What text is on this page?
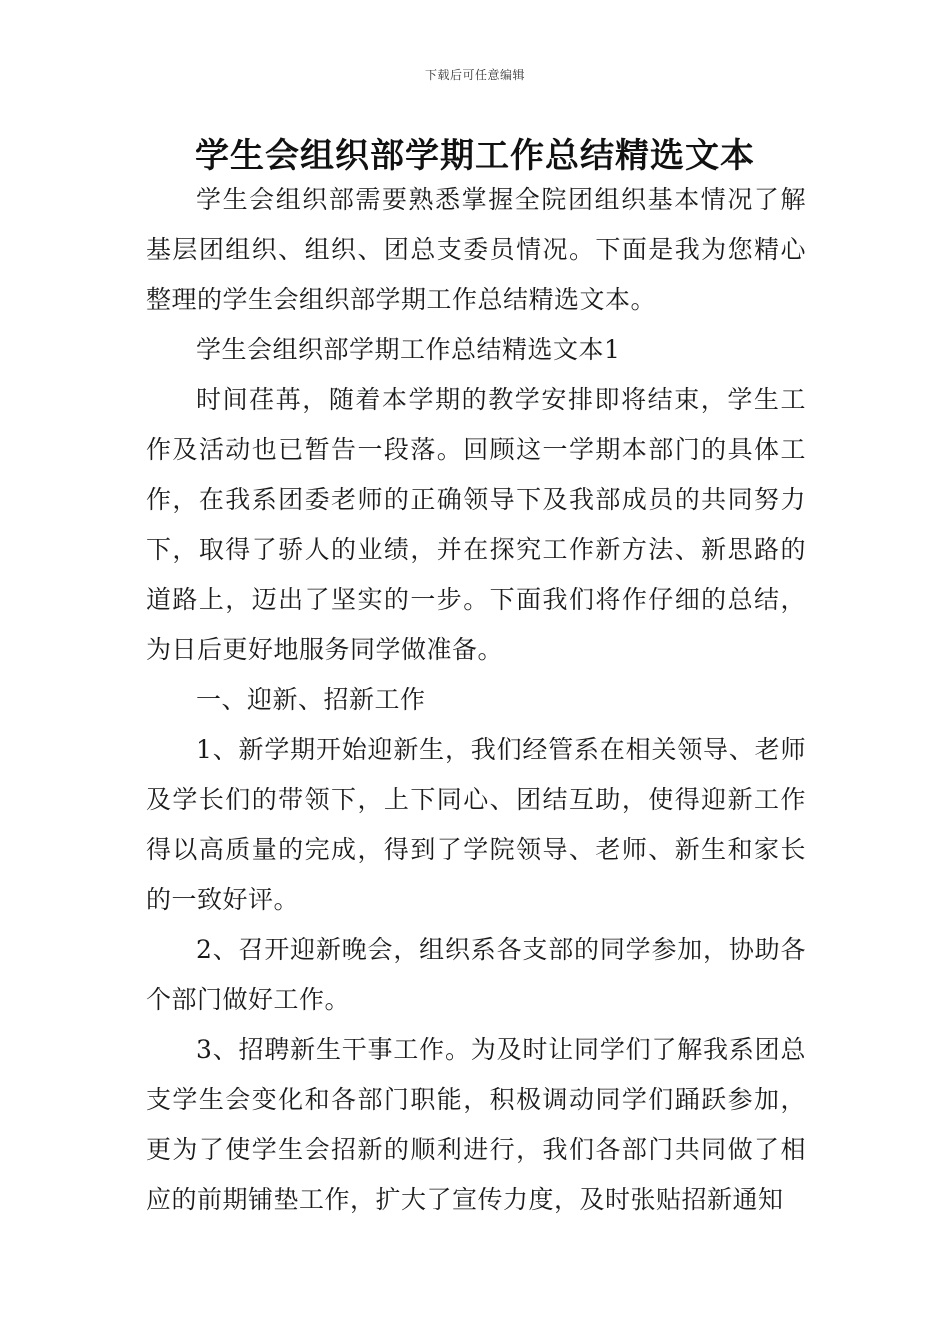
下载后可任意编辑
学生会组织部学期工作总结精选文本

学生会组织部需要熟悉掌握全院团组织基本情况了解基层团组织、组织、团总支委员情况。下面是我为您精心整理的学生会组织部学期工作总结精选文本。

学生会组织部学期工作总结精选文本1

时间荏苒，随着本学期的教学安排即将结束，学生工作及活动也已暂告一段落。回顾这一学期本部门的具体工作，在我系团委老师的正确领导下及我部成员的共同努力下，取得了骄人的业绩，并在探究工作新方法、新思路的道路上，迈出了坚实的一步。下面我们将作仔细的总结，为日后更好地服务同学做准备。

一、迎新、招新工作

1、新学期开始迎新生，我们经管系在相关领导、老师及学长们的带领下，上下同心、团结互助，使得迎新工作得以高质量的完成，得到了学院领导、老师、新生和家长的一致好评。

2、召开迎新晚会，组织系各支部的同学参加，协助各个部门做好工作。

3、招聘新生干事工作。为及时让同学们了解我系团总支学生会变化和各部门职能，积极调动同学们踊跃参加，更为了使学生会招新的顺利进行，我们各部门共同做了相应的前期铺垫工作，扩大了宣传力度，及时张贴招新通知
